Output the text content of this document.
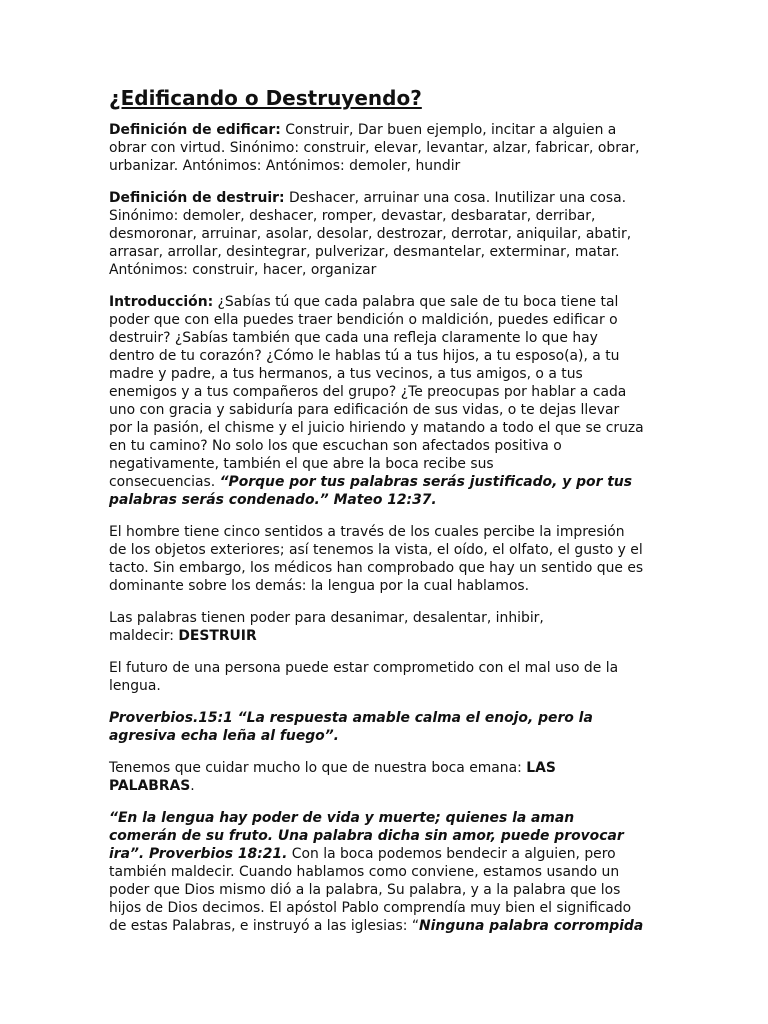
¿Edificando o Destruyendo?

Definición de edificar: Construir, Dar buen ejemplo, incitar a alguien a
obrar con virtud. Sinónimo: construir, elevar, levantar, alzar, fabricar, obrar,
urbanizar. Antónimos: Antónimos: demoler, hundir

Definición de destruir: Deshacer, arruinar una cosa. Inutilizar una cosa.
Sinónimo: demoler, deshacer, romper, devastar, desbaratar, derribar,
desmoronar, arruinar, asolar, desolar, destrozar, derrotar, aniquilar, abatir,
arrasar, arrollar, desintegrar, pulverizar, desmantelar, exterminar, matar.
Antónimos: construir, hacer, organizar

Introducción: ¿Sabías tú que cada palabra que sale de tu boca tiene tal
poder que con ella puedes traer bendición o maldición, puedes edificar o
destruir? ¿Sabías también que cada una refleja claramente lo que hay
dentro de tu corazón? ¿Cómo le hablas tú a tus hijos, a tu esposo(a), a tu
madre y padre, a tus hermanos, a tus vecinos, a tus amigos, o a tus
enemigos y a tus compañeros del grupo? ¿Te preocupas por hablar a cada
uno con gracia y sabiduría para edificación de sus vidas, o te dejas llevar
por la pasión, el chisme y el juicio hiriendo y matando a todo el que se cruza
en tu camino? No solo los que escuchan son afectados positiva o
negativamente, también el que abre la boca recibe sus
consecuencias. “Porque por tus palabras serás justificado, y por tus
palabras serás condenado.” Mateo 12:37.

El hombre tiene cinco sentidos a través de los cuales percibe la impresión
de los objetos exteriores; así tenemos la vista, el oído, el olfato, el gusto y el
tacto. Sin embargo, los médicos han comprobado que hay un sentido que es
dominante sobre los demás: la lengua por la cual hablamos.

Las palabras tienen poder para desanimar, desalentar, inhibir,
maldecir: DESTRUIR

El futuro de una persona puede estar comprometido con el mal uso de la
lengua.

Proverbios.15:1 “La respuesta amable calma el enojo, pero la
agresiva echa leña al fuego”.

Tenemos que cuidar mucho lo que de nuestra boca emana: LAS
PALABRAS.

“En la lengua hay poder de vida y muerte; quienes la aman
comerán de su fruto. Una palabra dicha sin amor, puede provocar
ira”. Proverbios 18:21. Con la boca podemos bendecir a alguien, pero
también maldecir. Cuando hablamos como conviene, estamos usando un
poder que Dios mismo dió a la palabra, Su palabra, y a la palabra que los
hijos de Dios decimos. El apóstol Pablo comprendía muy bien el significado
de estas Palabras, e instruyó a las iglesias: “Ninguna palabra corrompida
